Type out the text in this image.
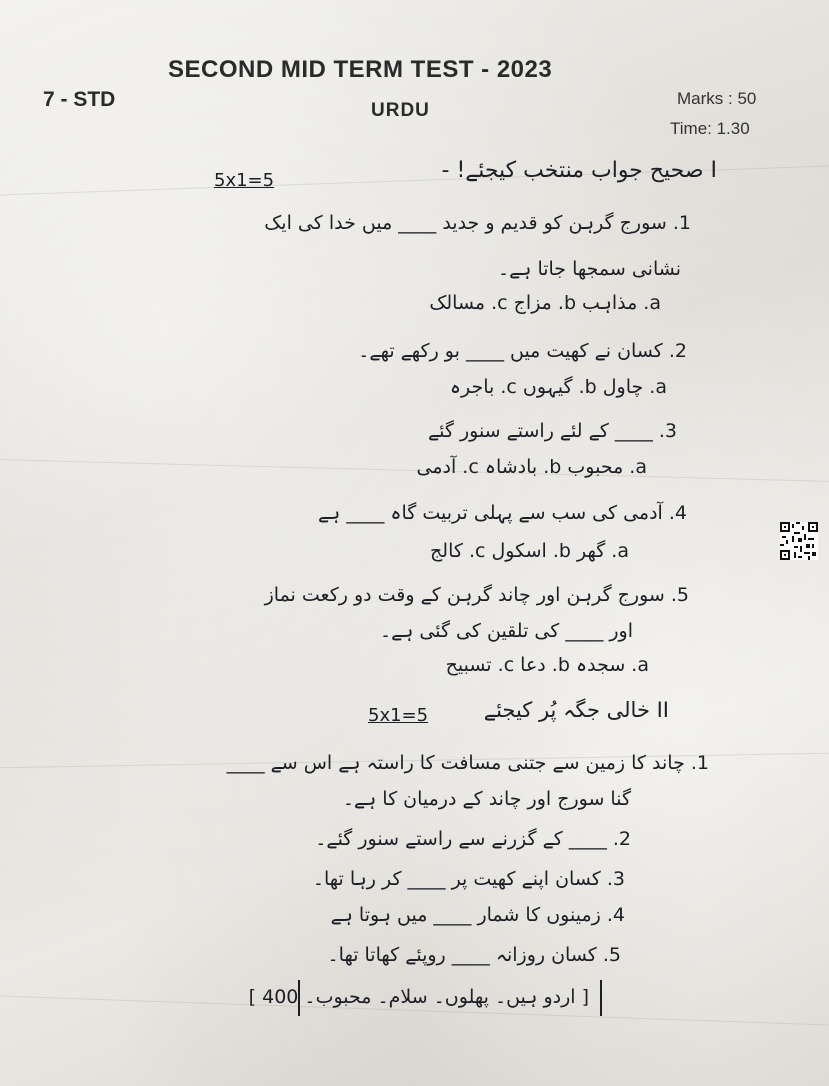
SECOND MID TERM TEST - 2023
7 - STD	URDU
Marks : 50
Time: 1.30
5x1=5	I صحیح جواب منتخب کیجئے! -
1. سورج گرہن کو قدیم و جدید ____ میں خدا کی ایک
نشانی سمجھا جاتا ہے۔
a. مذاہب b. مزاج c. مسالک
2. کسان نے کھیت میں ____ بو رکھے تھے۔
a. چاول b. گیہوں c. باجرہ
3. ____ کے لئے راستے سنور گئے
a. محبوب b. بادشاہ c. آدمی
4. آدمی کی سب سے پہلی تربیت گاہ ____ ہے
a. گھر b. اسکول c. کالج
5. سورج گرہن اور چاند گرہن کے وقت دو رکعت نماز
اور ____ کی تلقین کی گئی ہے۔
a. سجدہ b. دعا c. تسبیح
5x1=5	II خالی جگہ پُر کیجئے
1. چاند کا زمین سے جتنی مسافت کا راستہ ہے اس سے ____
گنا سورج اور چاند کے درمیان کا ہے۔
2. ____ کے گزرنے سے راستے سنور گئے۔
3. کسان اپنے کھیت پر ____ کر رہا تھا۔
4. زمینوں کا شمار ____ میں ہوتا ہے
5. کسان روزانہ ____ روپئے کھاتا تھا۔
[ اردو ہیں۔ پھلوں۔ سلام۔ محبوب۔ 400 ]
